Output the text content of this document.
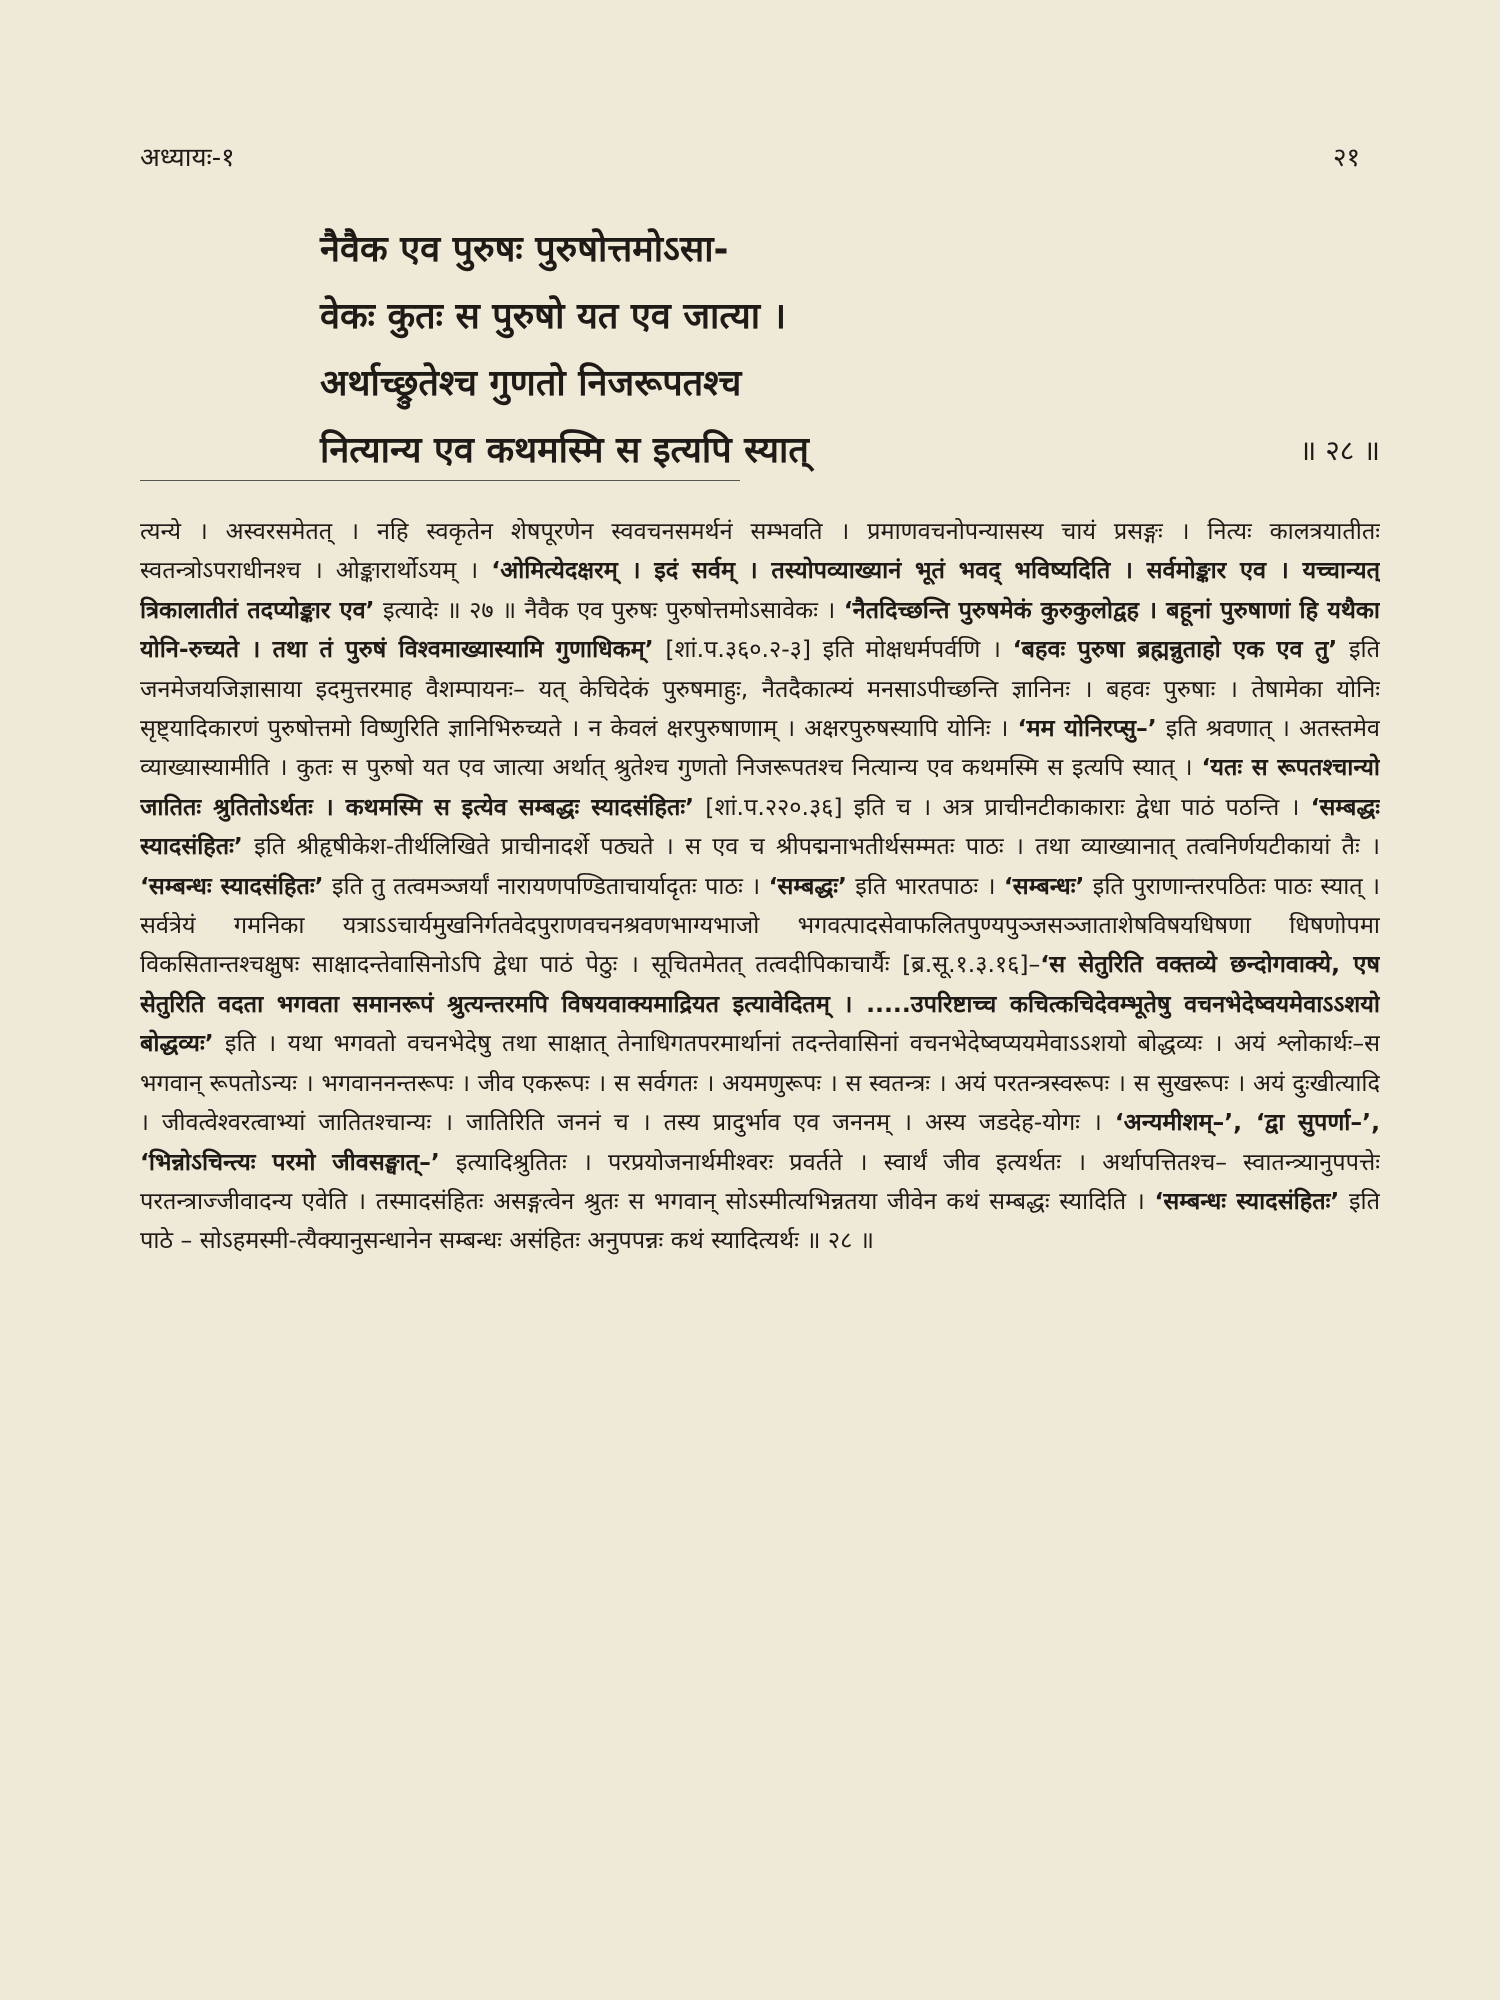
अध्यायः-१	२१
नैवैक एव पुरुषः पुरुषोत्तमोऽसा-
वेकः कुतः स पुरुषो यत एव जात्या ।
अर्थाच्छ्रुतेश्च गुणतो निजरूपतश्च
नित्यान्य एव कथमस्मि स इत्यपि स्यात्	॥ २८ ॥
त्यन्ये । अस्वरसमेतत् । नहि स्वकृतेन शेषपूरणेन स्ववचनसमर्थनं सम्भवति । प्रमाणवचनोपन्यासस्य चायं प्रसङ्गः । नित्यः कालत्रयातीतः स्वतन्त्रोऽपराधीनश्च । ओङ्कारार्थोऽयम् । ‘ओमित्येदक्षरम् । इदं सर्वम् । तस्योपव्याख्यानं भूतं भवद् भविष्यदिति । सर्वमोङ्कार एव । यच्चान्यत् त्रिकालातीतं तदप्योङ्कार एव’ इत्यादेः ॥ २७ ॥ नैवैक एव पुरुषः पुरुषोत्तमोऽसावेकः । ‘नैतदिच्छन्ति पुरुषमेकं कुरुकुलोद्वह । बहूनां पुरुषाणां हि यथैका योनि-रुच्यते । तथा तं पुरुषं विश्वमाख्यास्यामि गुणाधिकम्’ [शां.प.३६०.२-३] इति मोक्षधर्मपर्वणि । ‘बहवः पुरुषा ब्रह्मन्नुताहो एक एव तु’ इति जनमेजयजिज्ञासाया इदमुत्तरमाह वैशम्पायनः– यत् केचिदेकं पुरुषमाहुः, नैतदैकात्म्यं मनसाऽपीच्छन्ति ज्ञानिनः । बहवः पुरुषाः । तेषामेका योनिः सृष्ट्यादिकारणं पुरुषोत्तमो विष्णुरिति ज्ञानिभिरुच्यते । न केवलं क्षरपुरुषाणाम् । अक्षरपुरुषस्यापि योनिः । ‘मम योनिरप्सु–’ इति श्रवणात् । अतस्तमेव व्याख्यास्यामीति । कुतः स पुरुषो यत एव जात्या अर्थात् श्रुतेश्च गुणतो निजरूपतश्च नित्यान्य एव कथमस्मि स इत्यपि स्यात् । ‘यतः स रूपतश्चान्यो जातितः श्रुतितोऽर्थतः । कथमस्मि स इत्येव सम्बद्धः स्यादसंहितः’ [शां.प.२२०.३६] इति च । अत्र प्राचीनटीकाकाराः द्वेधा पाठं पठन्ति । ‘सम्बद्धः स्यादसंहितः’ इति श्रीहृषीकेश-तीर्थलिखिते प्राचीनादर्शे पठ्यते । स एव च श्रीपद्मनाभतीर्थसम्मतः पाठः । तथा व्याख्यानात् तत्वनिर्णयटीकायां तैः । ‘सम्बन्धः स्यादसंहितः’ इति तु तत्वमञ्जर्यां नारायणपण्डिताचार्यादृतः पाठः । ‘सम्बद्धः’ इति भारतपाठः । ‘सम्बन्धः’ इति पुराणान्तरपठितः पाठः स्यात् । सर्वत्रेयं गमनिका यत्राऽऽचार्यमुखनिर्गतवेदपुराणवचनश्रवणभाग्यभाजो भगवत्पादसेवाफलितपुण्यपुञ्जसञ्जाताशेषविषयधिषणा धिषणोपमा विकसितान्तश्चक्षुषः साक्षादन्तेवासिनोऽपि द्वेधा पाठं पेठुः । सूचितमेतत् तत्वदीपिकाचार्यैः [ब्र.सू.१.३.१६]–‘स सेतुरिति वक्तव्ये छन्दोगवाक्ये, एष सेतुरिति वदता भगवता समानरूपं श्रुत्यन्तरमपि विषयवाक्यमाद्रियत इत्यावेदितम् । .....उपरिष्टाच्च कचित्कचिदेवम्भूतेषु वचनभेदेष्वयमेवाऽऽशयो बोद्धव्यः’ इति । यथा भगवतो वचनभेदेषु तथा साक्षात् तेनाधिगतपरमार्थानां तदन्तेवासिनां वचनभेदेष्वप्ययमेवाऽऽशयो बोद्धव्यः । अयं श्लोकार्थः–स भगवान् रूपतोऽन्यः । भगवाननन्तरूपः । जीव एकरूपः । स सर्वगतः । अयमणुरूपः । स स्वतन्त्रः । अयं परतन्त्रस्वरूपः । स सुखरूपः । अयं दुःखीत्यादि । जीवत्वेश्वरत्वाभ्यां जातितश्चान्यः । जातिरिति जननं च । तस्य प्रादुर्भाव एव जननम् । अस्य जडदेह-योगः । ‘अन्यमीशम्–’, ‘द्वा सुपर्णा–’, ‘भिन्नोऽचिन्त्यः परमो जीवसङ्घात्–’ इत्यादिश्रुतितः । परप्रयोजनार्थमीश्वरः प्रवर्तते । स्वार्थं जीव इत्यर्थतः । अर्थापत्तितश्च– स्वातन्त्र्यानुपपत्तेः परतन्त्राज्जीवादन्य एवेति । तस्मादसंहितः असङ्गत्वेन श्रुतः स भगवान् सोऽस्मीत्यभिन्नतया जीवेन कथं सम्बद्धः स्यादिति । ‘सम्बन्धः स्यादसंहितः’ इति पाठे – सोऽहमस्मी-त्यैक्यानुसन्धानेन सम्बन्धः असंहितः अनुपपन्नः कथं स्यादित्यर्थः ॥ २८ ॥
